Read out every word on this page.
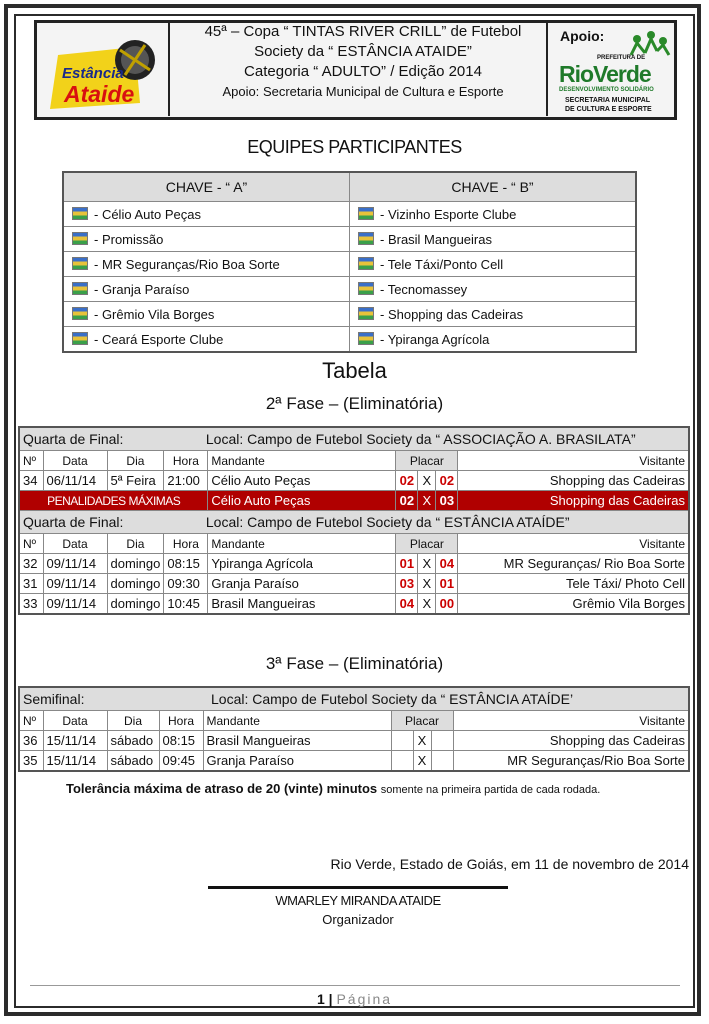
Estância
Ataide
45ª – Copa “ TINTAS RIVER CRILL” de Futebol
Society da “ ESTÂNCIA ATAIDE”
Categoria “ ADULTO” / Edição 2014
Apoio: Secretaria Municipal de Cultura e Esporte
Apoio:
PREFEITURA DE
RioVerde
DESENVOLVIMENTO SOLIDÁRIO
SECRETARIA MUNICIPAL
DE CULTURA E ESPORTE
EQUIPES PARTICIPANTES
CHAVE - “ A”	CHAVE - “ B”
- Célio Auto Peças	- Vizinho Esporte Clube
- Promissão	- Brasil Mangueiras
- MR Seguranças/Rio Boa Sorte	- Tele Táxi/Ponto Cell
- Granja Paraíso	- Tecnomassey
- Grêmio Vila Borges	- Shopping das Cadeiras
- Ceará Esporte Clube	- Ypiranga Agrícola
Tabela
2ª Fase – (Eliminatória)
Quarta de Final:					Local: Campo de Futebol Society da “ ASSOCIAÇÃO A. BRASILATA”			
Nº	Data	Dia	Hora	Mandante	Placar			Visitante
34	06/11/14	5ª Feira	21:00	Célio Auto Peças	02	X	02	Shopping das Cadeiras
PENALIDADES MÁXIMAS				Célio Auto Peças	02	X	03	Shopping das Cadeiras
Quarta de Final:					Local: Campo de Futebol Society da “ ESTÂNCIA ATAÍDE”			
Nº	Data	Dia	Hora	Mandante	Placar			Visitante
32	09/11/14	domingo	08:15	Ypiranga Agrícola	01	X	04	MR Seguranças/ Rio Boa Sorte
31	09/11/14	domingo	09:30	Granja Paraíso	03	X	01	Tele Táxi/ Photo Cell
33	09/11/14	domingo	10:45	Brasil Mangueiras	04	X	00	Grêmio Vila Borges
3ª Fase – (Eliminatória)
Semifinal:					Local: Campo de Futebol Society da “ ESTÂNCIA ATAÍDE’			
Nº	Data	Dia	Hora	Mandante	Placar			Visitante
36	15/11/14	sábado	08:15	Brasil Mangueiras		X		Shopping das Cadeiras
35	15/11/14	sábado	09:45	Granja Paraíso		X		MR Seguranças/Rio Boa Sorte
Tolerância máxima de atraso de 20 (vinte) minutos somente na primeira partida de cada rodada.
Rio Verde, Estado de Goiás, em 11 de novembro de 2014
WMARLEY MIRANDA ATAIDE
Organizador
1 | Página
